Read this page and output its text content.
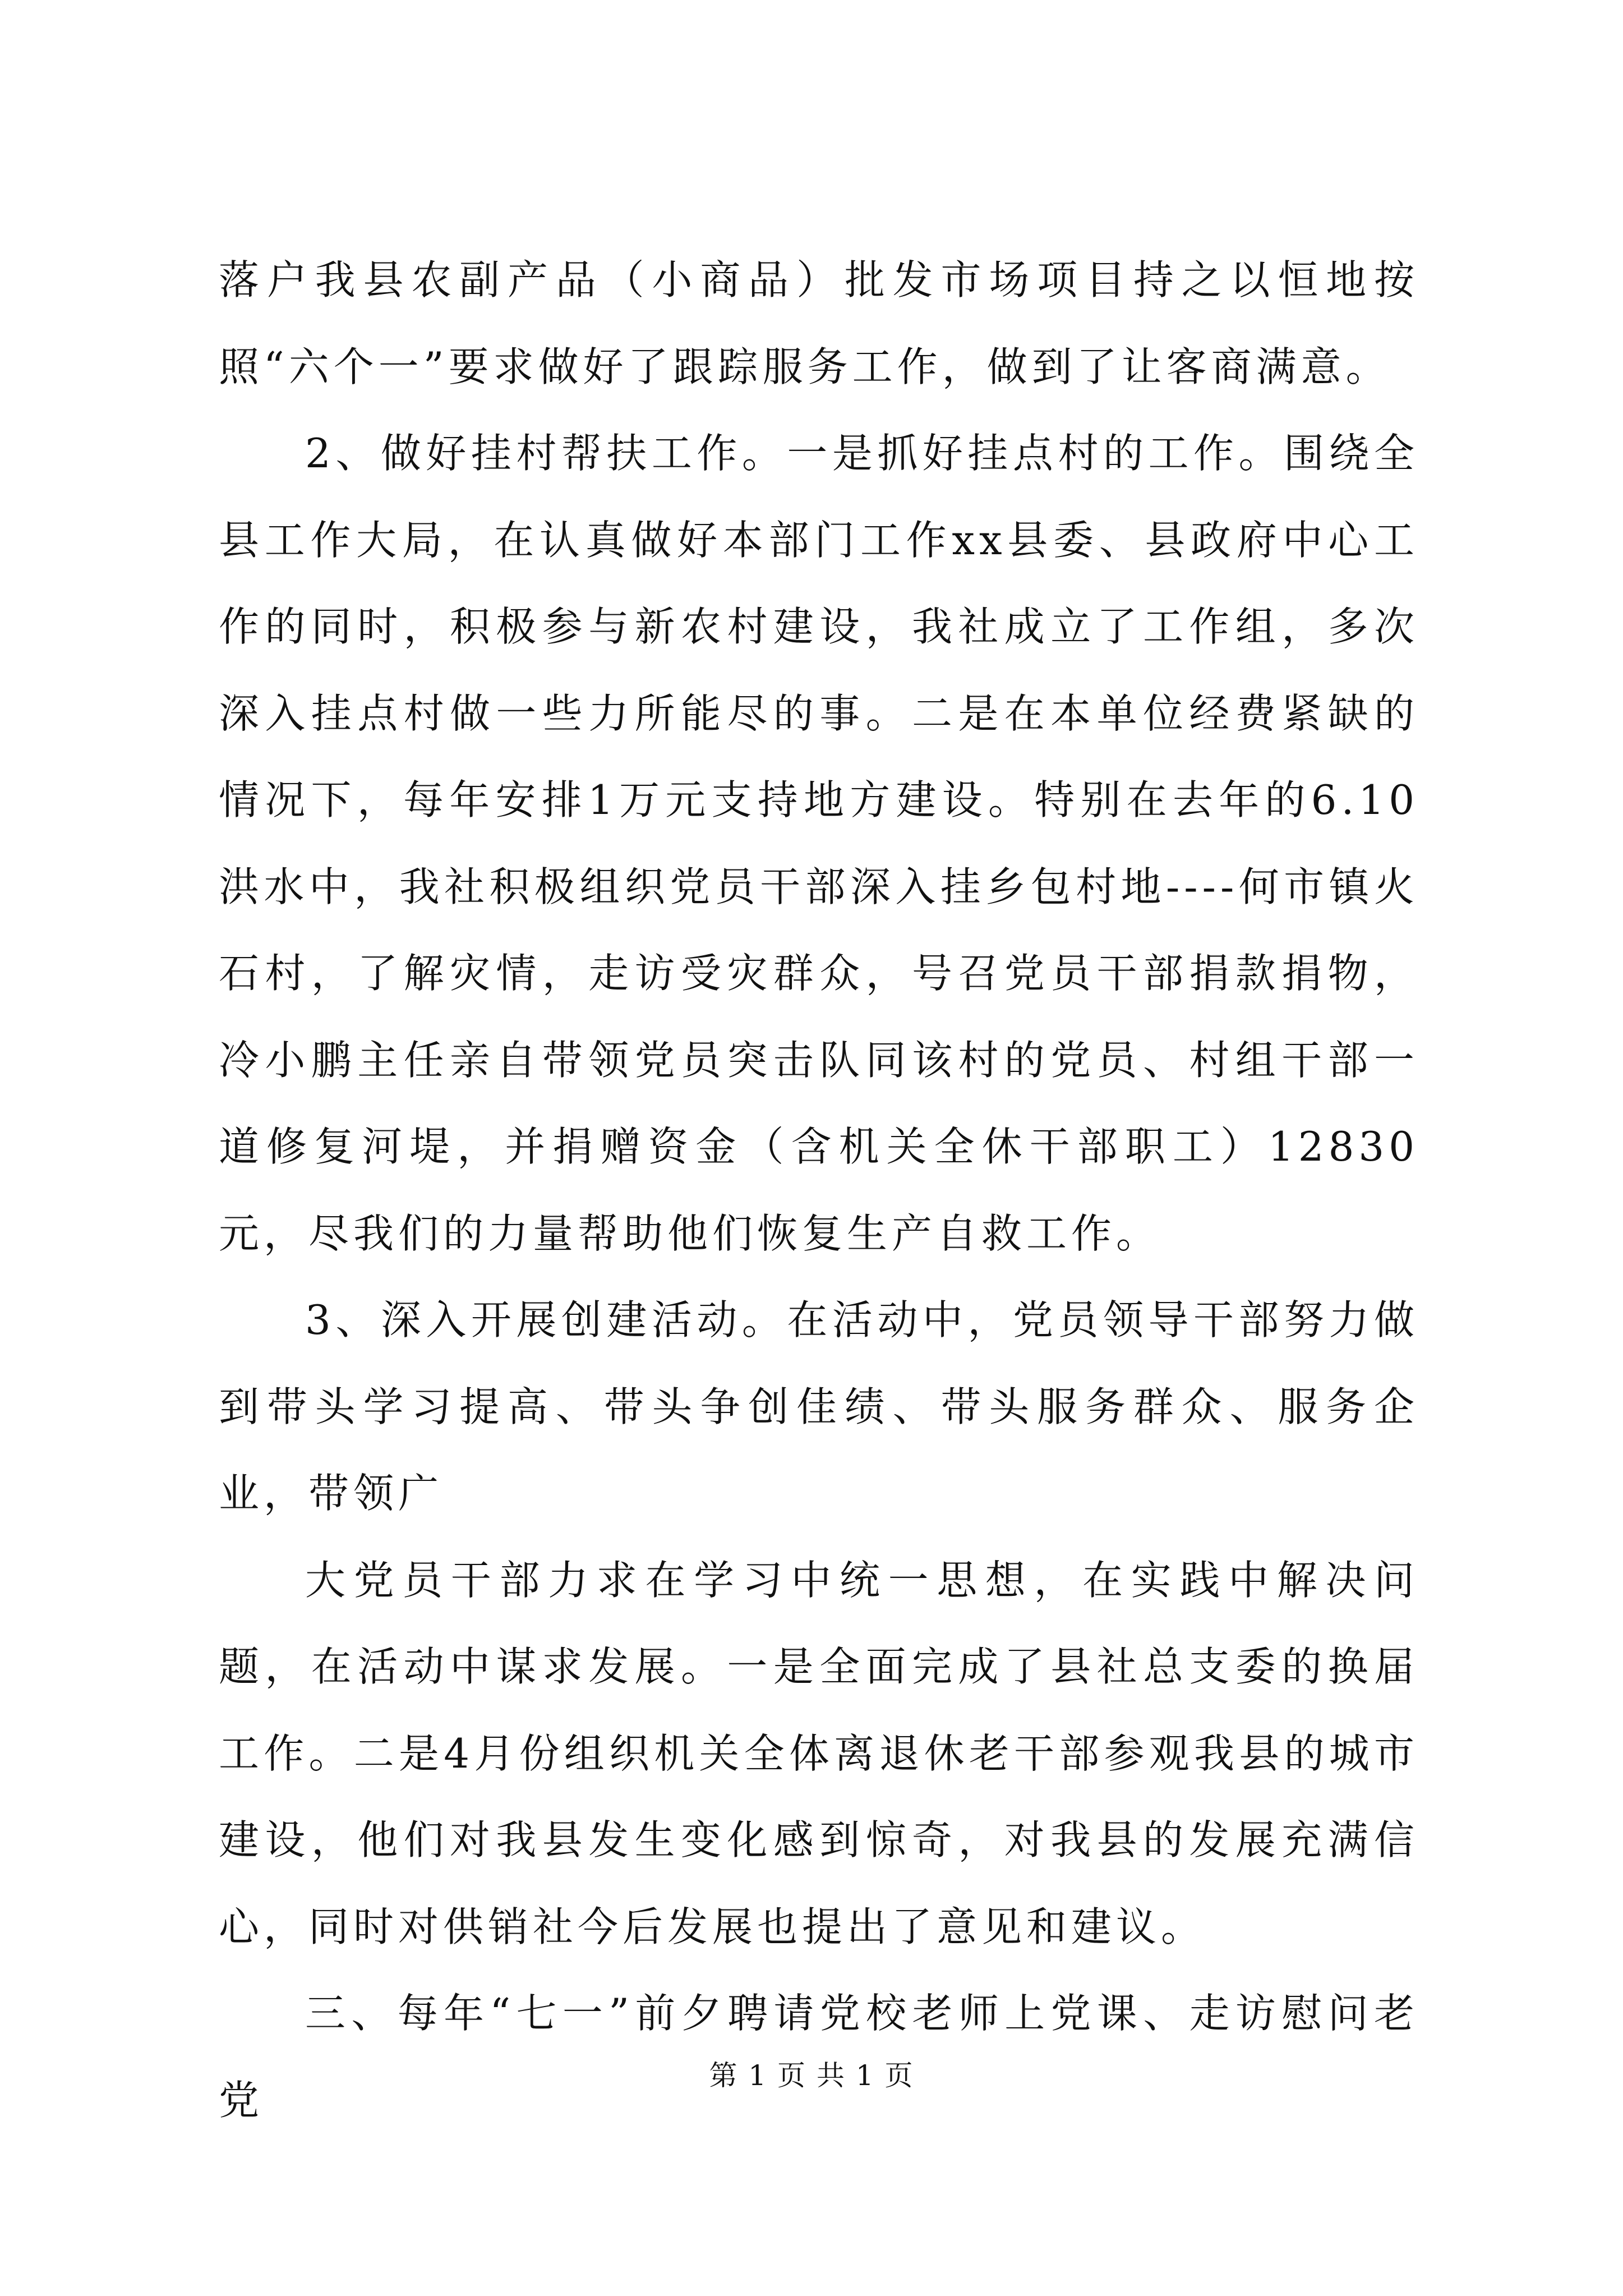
落户我县农副产品（小商品）批发市场项目持之以恒地按照“六个一”要求做好了跟踪服务工作，做到了让客商满意。

2、做好挂村帮扶工作。一是抓好挂点村的工作。围绕全县工作大局，在认真做好本部门工作xx县委、县政府中心工作的同时，积极参与新农村建设，我社成立了工作组，多次深入挂点村做一些力所能尽的事。二是在本单位经费紧缺的情况下，每年安排1万元支持地方建设。特别在去年的6.10洪水中，我社积极组织党员干部深入挂乡包村地----何市镇火石村，了解灾情，走访受灾群众，号召党员干部捐款捐物，冷小鹏主任亲自带领党员突击队同该村的党员、村组干部一道修复河堤，并捐赠资金（含机关全休干部职工）12830元，尽我们的力量帮助他们恢复生产自救工作。

3、深入开展创建活动。在活动中，党员领导干部努力做到带头学习提高、带头争创佳绩、带头服务群众、服务企业，带领广

大党员干部力求在学习中统一思想，在实践中解决问题，在活动中谋求发展。一是全面完成了县社总支委的换届工作。二是4月份组织机关全体离退休老干部参观我县的城市建设，他们对我县发生变化感到惊奇，对我县的发展充满信心，同时对供销社今后发展也提出了意见和建议。

三、每年“七一”前夕聘请党校老师上党课、走访慰问老党

第 1 页 共 1 页
